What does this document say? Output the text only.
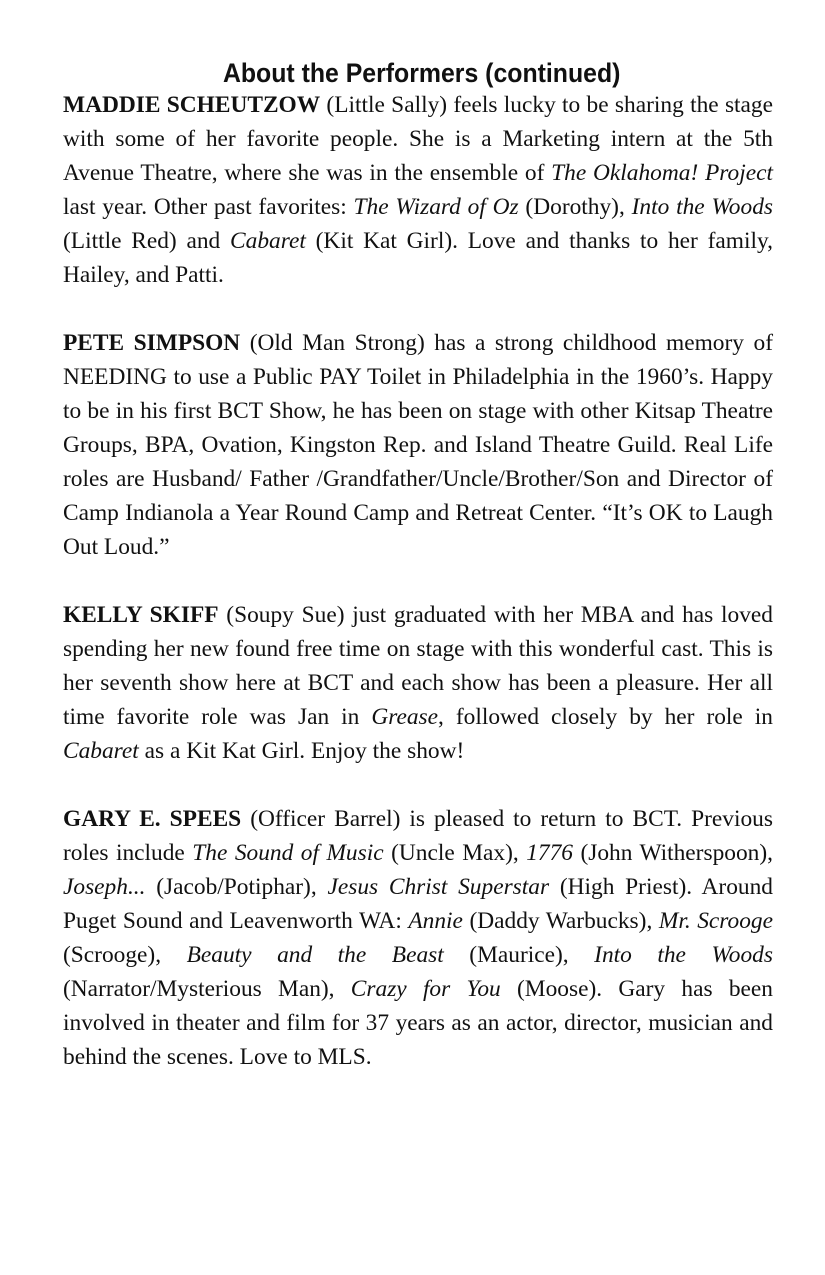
About the Performers (continued)

MADDIE SCHEUTZOW (Little Sally) feels lucky to be sharing the stage with some of her favorite people. She is a Marketing intern at the 5th Avenue Theatre, where she was in the ensemble of The Oklahoma! Project last year. Other past favorites: The Wizard of Oz (Dorothy), Into the Woods (Little Red) and Cabaret (Kit Kat Girl). Love and thanks to her family, Hailey, and Patti.

PETE SIMPSON (Old Man Strong) has a strong childhood memory of NEEDING to use a Public PAY Toilet in Philadelphia in the 1960’s. Happy to be in his first BCT Show, he has been on stage with other Kitsap Theatre Groups, BPA, Ovation, Kingston Rep. and Island Theatre Guild. Real Life roles are Husband/ Father /Grandfather/Uncle/Brother/Son and Director of Camp Indianola a Year Round Camp and Retreat Center. “It’s OK to Laugh Out Loud.”

KELLY SKIFF (Soupy Sue) just graduated with her MBA and has loved spending her new found free time on stage with this wonderful cast. This is her seventh show here at BCT and each show has been a pleasure. Her all time favorite role was Jan in Grease, followed closely by her role in Cabaret as a Kit Kat Girl. Enjoy the show!

GARY E. SPEES (Officer Barrel) is pleased to return to BCT. Previous roles include The Sound of Music (Uncle Max), 1776 (John Witherspoon), Joseph... (Jacob/Potiphar), Jesus Christ Superstar (High Priest). Around Puget Sound and Leavenworth WA: Annie (Daddy Warbucks), Mr. Scrooge (Scrooge), Beauty and the Beast (Maurice), Into the Woods (Narrator/Mysterious Man), Crazy for You (Moose). Gary has been involved in theater and film for 37 years as an actor, director, musician and behind the scenes. Love to MLS.
